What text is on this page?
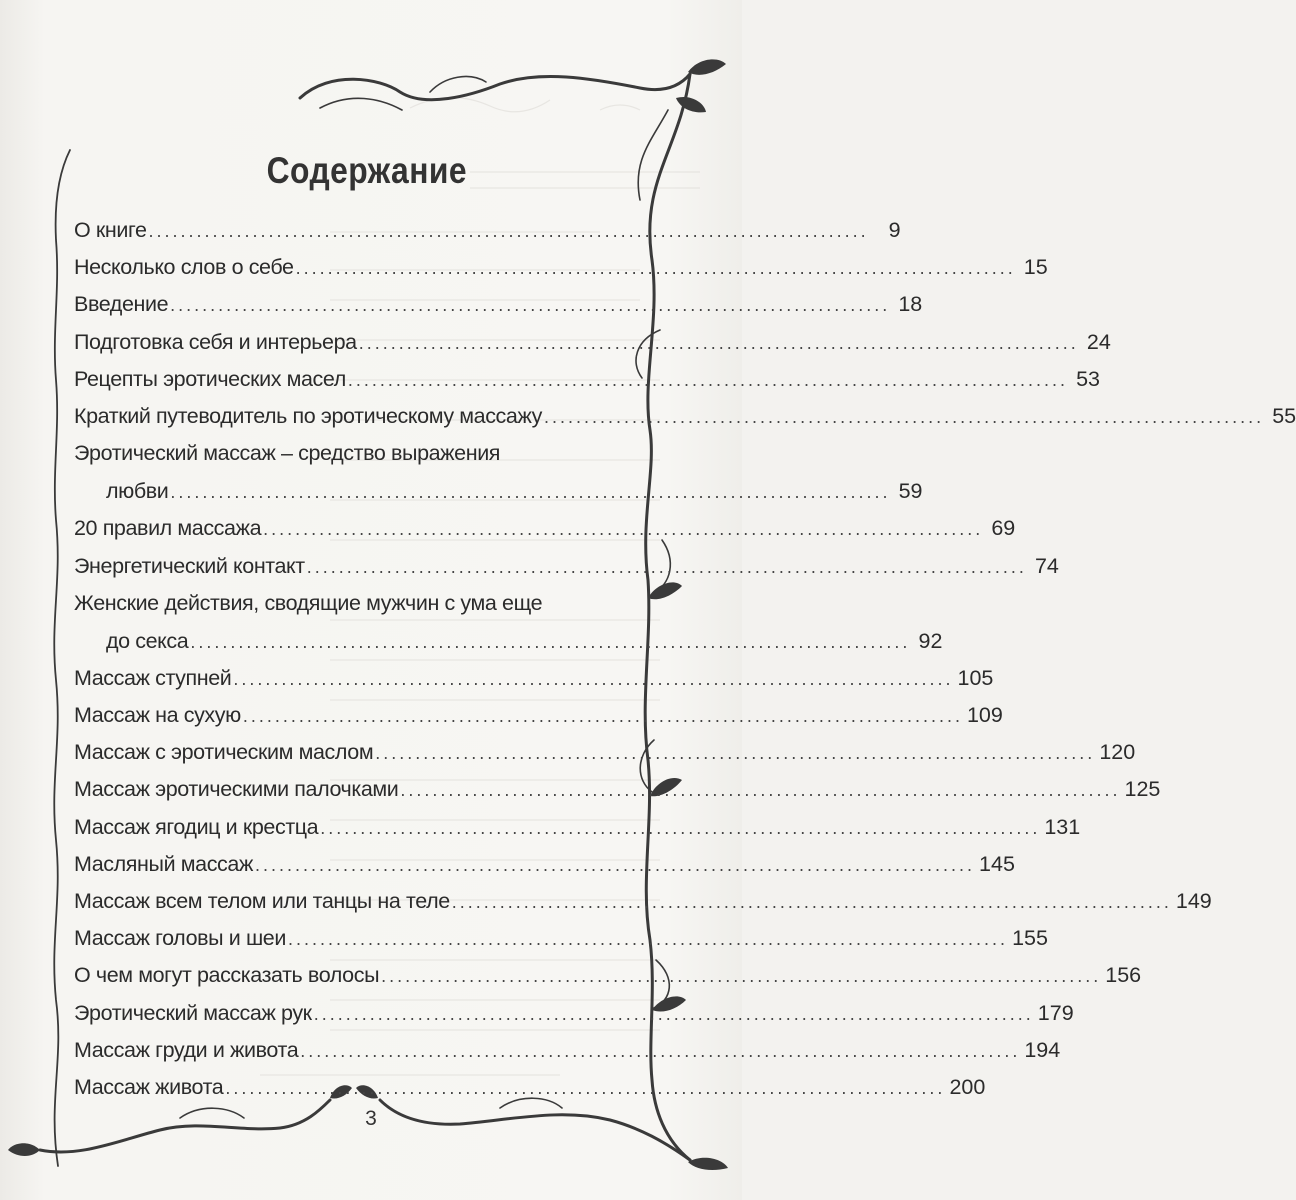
Содержание
О книге .......................................................................................... 9
Несколько слов о себе .......................................................................................... 15
Введение .......................................................................................... 18
Подготовка себя и интерьера .......................................................................................... 24
Рецепты эротических масел .......................................................................................... 53
Краткий путеводитель по эротическому массажу .......................................................................................... 55
Эротический массаж – средство выражения
любви .......................................................................................... 59
20 правил массажа .......................................................................................... 69
Энергетический контакт .......................................................................................... 74
Женские действия, сводящие мужчин с ума еще
до секса .......................................................................................... 92
Массаж ступней .......................................................................................... 105
Массаж на сухую .......................................................................................... 109
Массаж с эротическим маслом .......................................................................................... 120
Массаж эротическими палочками .......................................................................................... 125
Массаж ягодиц и крестца .......................................................................................... 131
Масляный массаж .......................................................................................... 145
Массаж всем телом или танцы на теле .......................................................................................... 149
Массаж головы и шеи .......................................................................................... 155
О чем могут рассказать волосы .......................................................................................... 156
Эротический массаж рук .......................................................................................... 179
Массаж груди и живота .......................................................................................... 194
Массаж живота .......................................................................................... 200
3
